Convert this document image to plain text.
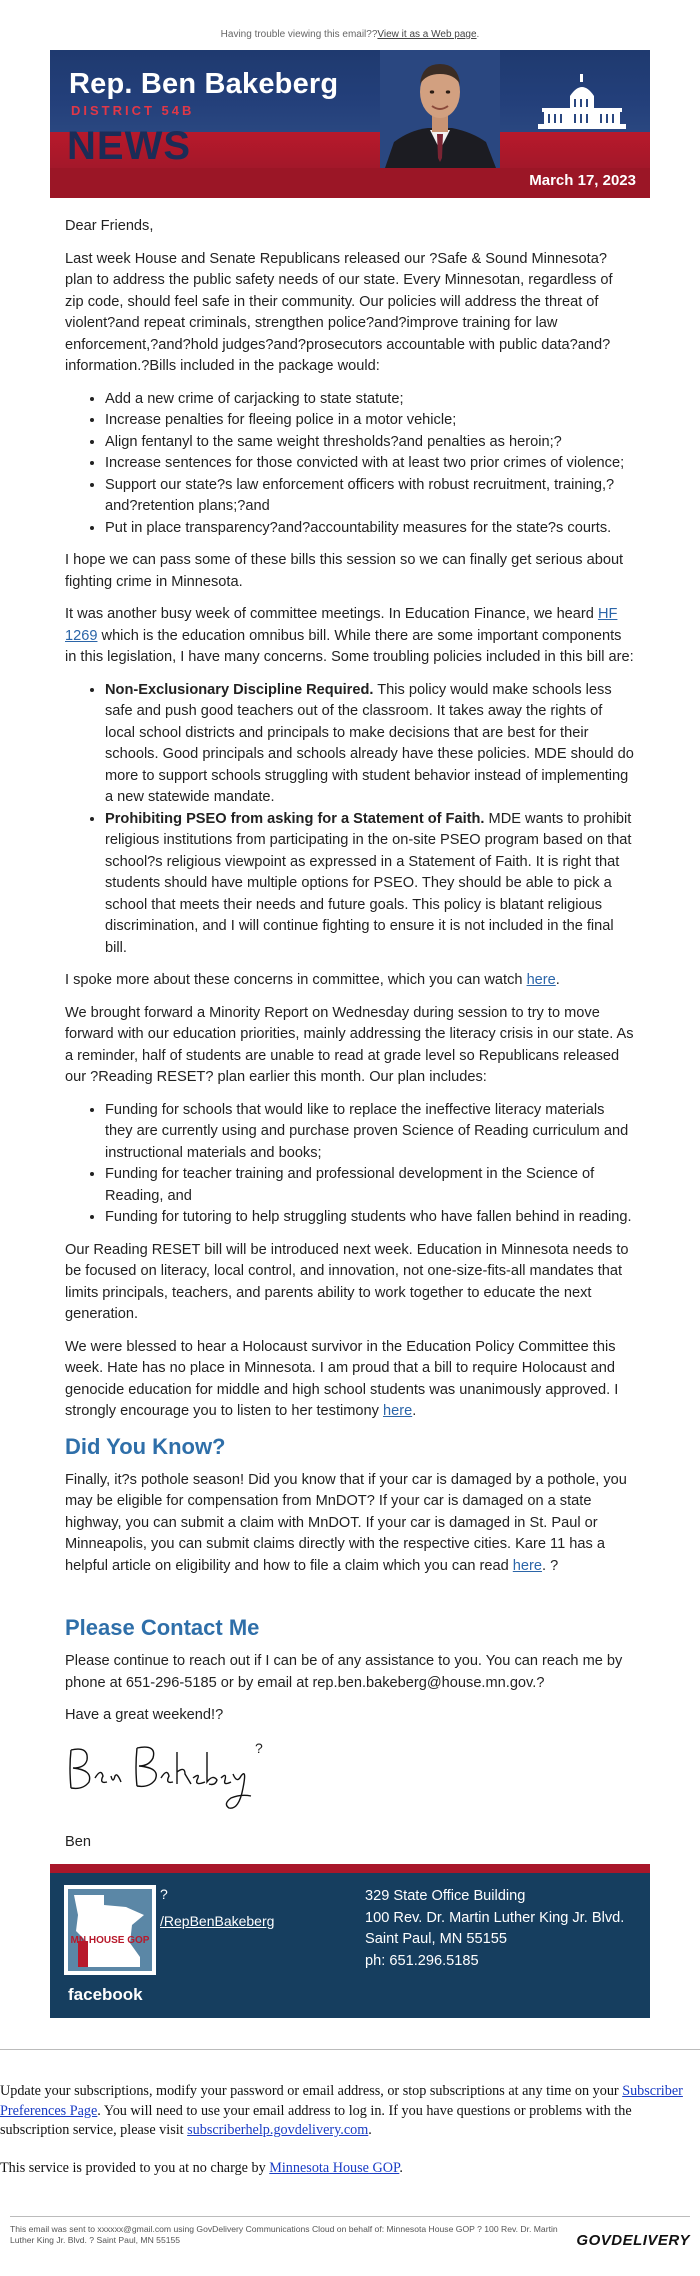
Having trouble viewing this email??View it as a Web page.
Rep. Ben Bakeberg
DISTRICT 54B
NEWS
March 17, 2023

Dear Friends,

Last week House and Senate Republicans released our ?Safe & Sound Minnesota? plan to address the public safety needs of our state. Every Minnesotan, regardless of zip code, should feel safe in their community. Our policies will address the threat of violent?and repeat criminals, strengthen police?and?improve training for law enforcement,?and?hold judges?and?prosecutors accountable with public data?and?information.?Bills included in the package would:

• Add a new crime of carjacking to state statute;
• Increase penalties for fleeing police in a motor vehicle;
• Align fentanyl to the same weight thresholds?and penalties as heroin;?
• Increase sentences for those convicted with at least two prior crimes of violence;
• Support our state?s law enforcement officers with robust recruitment, training,?and?retention plans;?and
• Put in place transparency?and?accountability measures for the state?s courts.

I hope we can pass some of these bills this session so we can finally get serious about fighting crime in Minnesota.

It was another busy week of committee meetings. In Education Finance, we heard HF 1269 which is the education omnibus bill. While there are some important components in this legislation, I have many concerns. Some troubling policies included in this bill are:

• Non-Exclusionary Discipline Required. This policy would make schools less safe and push good teachers out of the classroom. It takes away the rights of local school districts and principals to make decisions that are best for their schools. Good principals and schools already have these policies. MDE should do more to support schools struggling with student behavior instead of implementing a new statewide mandate.
• Prohibiting PSEO from asking for a Statement of Faith. MDE wants to prohibit religious institutions from participating in the on-site PSEO program based on that school?s religious viewpoint as expressed in a Statement of Faith. It is right that students should have multiple options for PSEO. They should be able to pick a school that meets their needs and future goals. This policy is blatant religious discrimination, and I will continue fighting to ensure it is not included in the final bill.

I spoke more about these concerns in committee, which you can watch here.

We brought forward a Minority Report on Wednesday during session to try to move forward with our education priorities, mainly addressing the literacy crisis in our state. As a reminder, half of students are unable to read at grade level so Republicans released our ?Reading RESET? plan earlier this month. Our plan includes:

• Funding for schools that would like to replace the ineffective literacy materials they are currently using and purchase proven Science of Reading curriculum and instructional materials and books;
• Funding for teacher training and professional development in the Science of Reading, and
• Funding for tutoring to help struggling students who have fallen behind in reading.

Our Reading RESET bill will be introduced next week. Education in Minnesota needs to be focused on literacy, local control, and innovation, not one-size-fits-all mandates that limits principals, teachers, and parents ability to work together to educate the next generation.

We were blessed to hear a Holocaust survivor in the Education Policy Committee this week. Hate has no place in Minnesota. I am proud that a bill to require Holocaust and genocide education for middle and high school students was unanimously approved. I strongly encourage you to listen to her testimony here.

Did You Know?

Finally, it?s pothole season! Did you know that if your car is damaged by a pothole, you may be eligible for compensation from MnDOT? If your car is damaged on a state highway, you can submit a claim with MnDOT. If your car is damaged in St. Paul or Minneapolis, you can submit claims directly with the respective cities. Kare 11 has a helpful article on eligibility and how to file a claim which you can read here. ?

Please Contact Me

Please continue to reach out if I can be of any assistance to you. You can reach me by phone at 651-296-5185 or by email at rep.ben.bakeberg@house.mn.gov.?

Have a great weekend!?

?

Ben

MN HOUSE GOP
facebook
?
/RepBenBakeberg
329 State Office Building
100 Rev. Dr. Martin Luther King Jr. Blvd.
Saint Paul, MN 55155
ph: 651.296.5185

Update your subscriptions, modify your password or email address, or stop subscriptions at any time on your Subscriber Preferences Page. You will need to use your email address to log in. If you have questions or problems with the subscription service, please visit subscriberhelp.govdelivery.com.

This service is provided to you at no charge by Minnesota House GOP.

This email was sent to xxxxxx@gmail.com using GovDelivery Communications Cloud on behalf of: Minnesota House GOP ? 100 Rev. Dr. Martin Luther King Jr. Blvd. ? Saint Paul, MN 55155	GOVDELIVERY
